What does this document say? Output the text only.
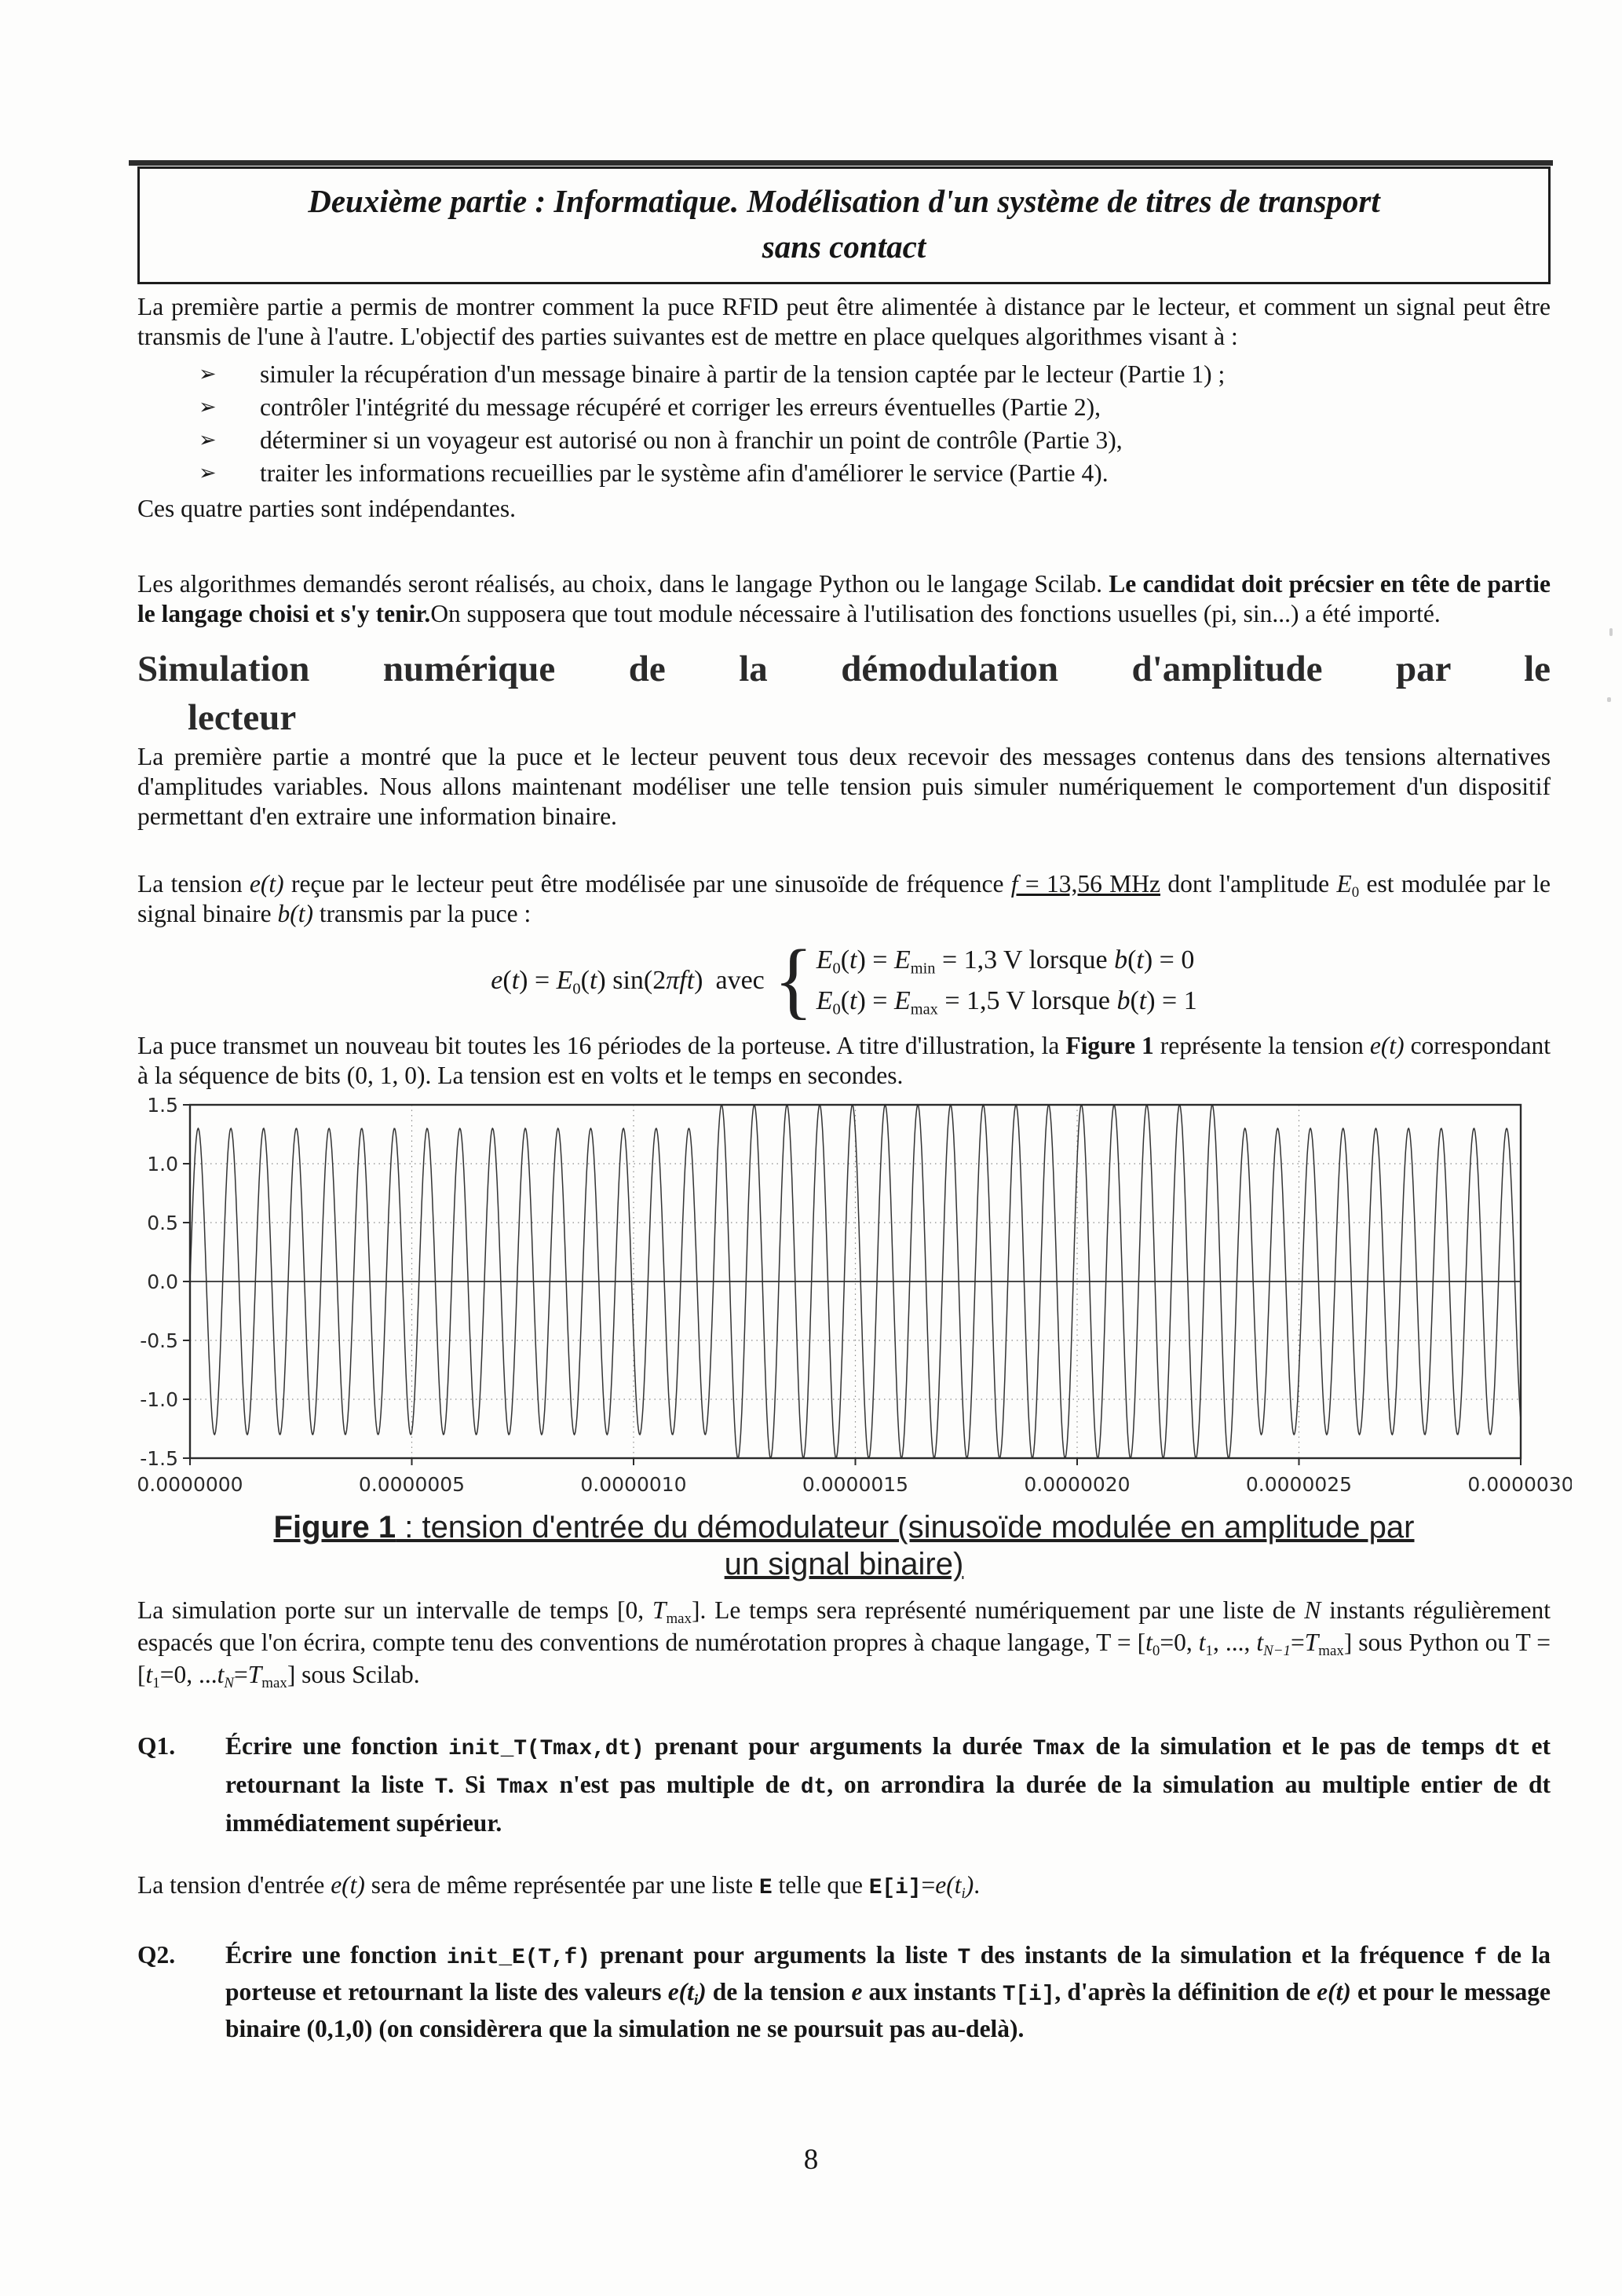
Deuxième partie : Informatique. Modélisation d'un système de titres de transport
sans contact

La première partie a permis de montrer comment la puce RFID peut être alimentée à distance par le lecteur, et comment un signal peut être transmis de l'une à l'autre. L'objectif des parties suivantes est de mettre en place quelques algorithmes visant à :

➢	simuler la récupération d'un message binaire à partir de la tension captée par le lecteur (Partie 1) ;
➢	contrôler l'intégrité du message récupéré et corriger les erreurs éventuelles (Partie 2),
➢	déterminer si un voyageur est autorisé ou non à franchir un point de contrôle (Partie 3),
➢	traiter les informations recueillies par le système afin d'améliorer le service (Partie 4).

Ces quatre parties sont indépendantes.

Les algorithmes demandés seront réalisés, au choix, dans le langage Python ou le langage Scilab. Le candidat doit précsier en tête de partie le langage choisi et s'y tenir.On supposera que tout module nécessaire à l'utilisation des fonctions usuelles (pi, sin...) a été importé.

Simulation numérique de la démodulation d'amplitude par le
lecteur

La première partie a montré que la puce et le lecteur peuvent tous deux recevoir des messages contenus dans des tensions alternatives d'amplitudes variables. Nous allons maintenant modéliser une telle tension puis simuler numériquement le comportement d'un dispositif permettant d'en extraire une information binaire.

La tension e(t) reçue par le lecteur peut être modélisée par une sinusoïde de fréquence f = 13,56 MHz dont l'amplitude $E_0$ est modulée par le signal binaire b(t) transmis par la puce :

$e(t) = E_0(t)$ sin(2πft) avec { $E_0(t) = E_{min} = 1,3$ V lorsque b(t) = 0
$E_0(t) = E_{max} = 1,5$ V lorsque b(t) = 1

La puce transmet un nouveau bit toutes les 16 périodes de la porteuse. A titre d'illustration, la Figure 1 représente la tension e(t) correspondant à la séquence de bits (0, 1, 0). La tension est en volts et le temps en secondes.

1.5
1.0
0.5
0.0
-0.5
-1.0
-1.5
0.0000000	0.0000005	0.0000010	0.0000015	0.0000020	0.0000025	0.0000030
Figure 1 : tension d'entrée du démodulateur (sinusoïde modulée en amplitude par
un signal binaire)

La simulation porte sur un intervalle de temps [0, $T_{max}$]. Le temps sera représenté numériquement par une liste de N instants régulièrement espacés que l'on écrira, compte tenu des conventions de numérotation propres à chaque langage, $T = [t_0=0$, $t_1$, ..., $t_{N-1}=T_{max}$] sous Python ou $T = [t_1=0$, $...t_N=T_{max}$] sous Scilab.

Q1.	Écrire une fonction init_T(Tmax,dt) prenant pour arguments la durée Tmax de la simulation et le pas de temps dt et retournant la liste T. Si Tmax n'est pas multiple de dt, on arrondira la durée de la simulation au multiple entier de dt immédiatement supérieur.

La tension d'entrée e(t) sera de même représentée par une liste E telle que $E[i]=e(t_i)$.

Q2.	Écrire une fonction init_E(T,f) prenant pour arguments la liste T des instants de la simulation et la fréquence f de la porteuse et retournant la liste des valeurs $e(t_i)$ de la tension e aux instants T[i], d'après la définition de e(t) et pour le message binaire (0,1,0) (on considèrera que la simulation ne se poursuit pas au-delà).
8
